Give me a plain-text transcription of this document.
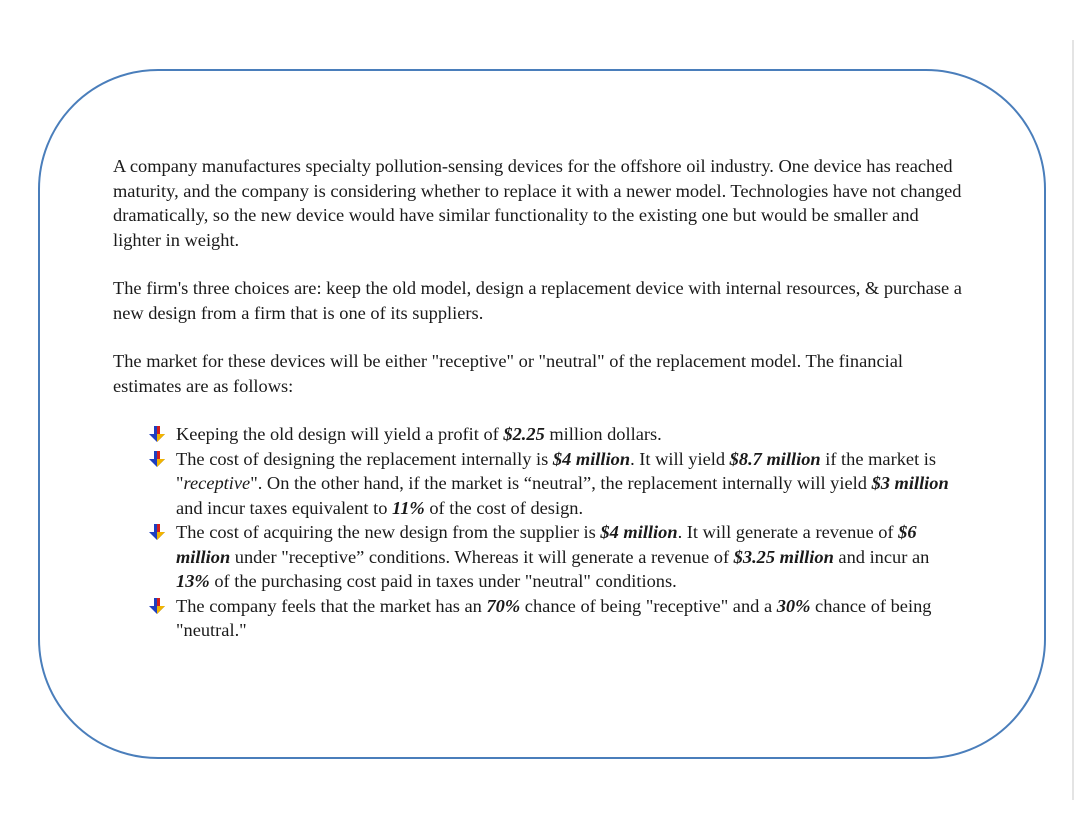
A company manufactures specialty pollution-sensing devices for the offshore oil industry. One device has reached maturity, and the company is considering whether to replace it with a newer model. Technologies have not changed dramatically, so the new device would have similar functionality to the existing one but would be smaller and lighter in weight.

The firm's three choices are: keep the old model, design a replacement device with internal resources, & purchase a new design from a firm that is one of its suppliers.

The market for these devices will be either "receptive" or "neutral" of the replacement model. The financial estimates are as follows:

Keeping the old design will yield a profit of $2.25 million dollars.
The cost of designing the replacement internally is $4 million. It will yield $8.7 million if the market is "receptive". On the other hand, if the market is “neutral”, the replacement internally will yield $3 million and incur taxes equivalent to 11% of the cost of design.
The cost of acquiring the new design from the supplier is $4 million. It will generate a revenue of $6 million under "receptive” conditions. Whereas it will generate a revenue of $3.25 million and incur an 13% of the purchasing cost paid in taxes under "neutral" conditions.
The company feels that the market has an 70% chance of being "receptive" and a 30% chance of being "neutral."
